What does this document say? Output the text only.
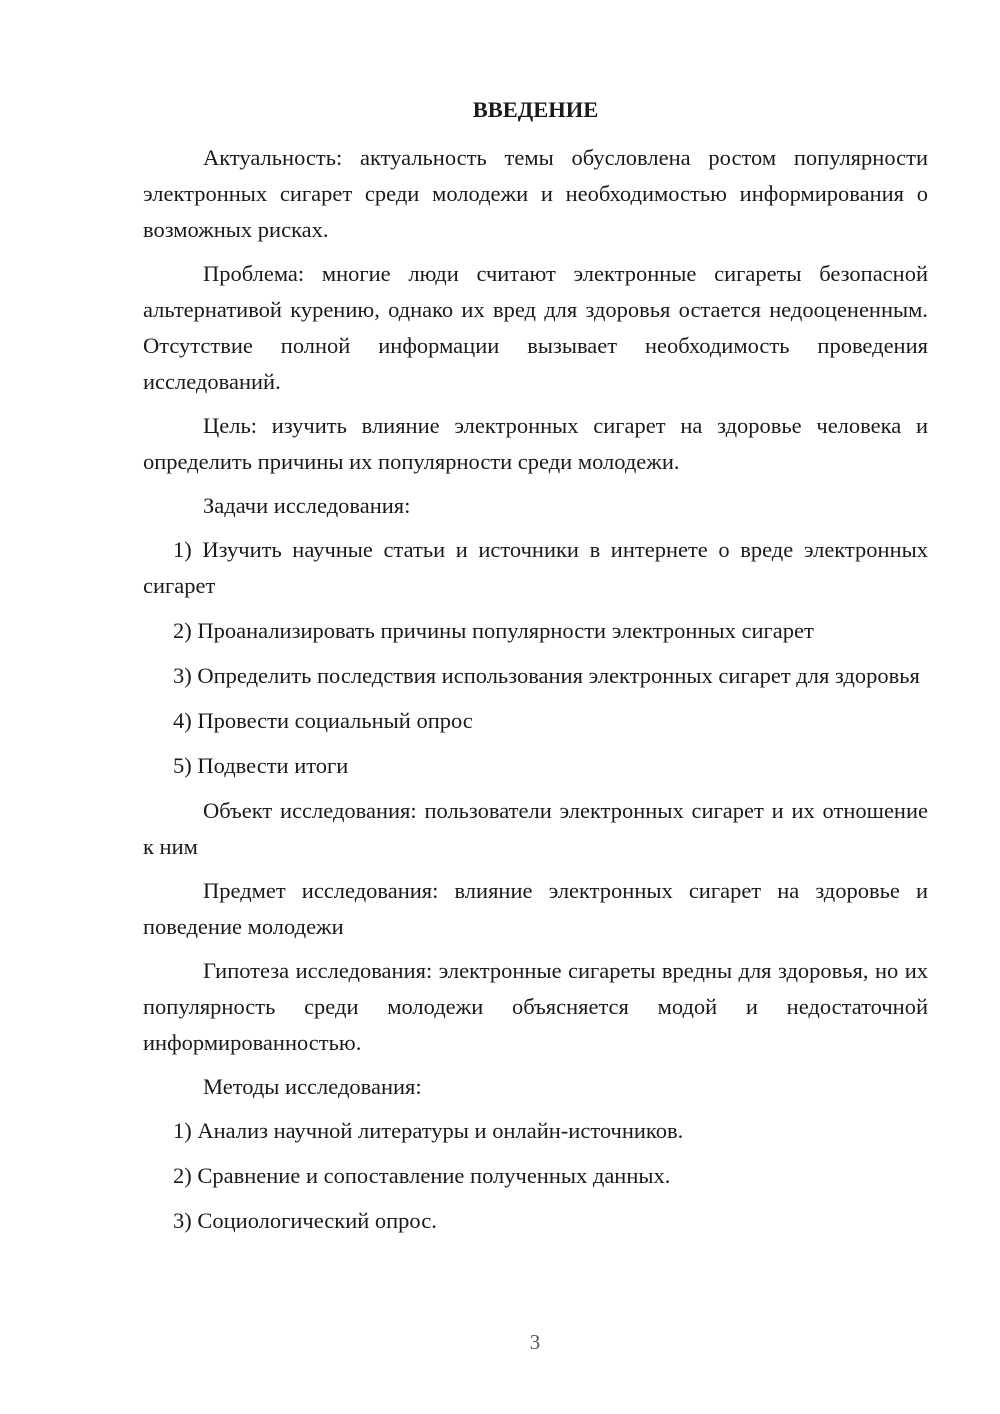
ВВЕДЕНИЕ

Актуальность: актуальность темы обусловлена ростом популярности электронных сигарет среди молодежи и необходимостью информирования о возможных рисках.

Проблема: многие люди считают электронные сигареты безопасной альтернативой курению, однако их вред для здоровья остается недооцененным. Отсутствие полной информации вызывает необходимость проведения исследований.

Цель: изучить влияние электронных сигарет на здоровье человека и определить причины их популярности среди молодежи.

Задачи исследования:

1) Изучить научные статьи и источники в интернете о вреде электронных сигарет

2) Проанализировать причины популярности электронных сигарет

3) Определить последствия использования электронных сигарет для здоровья

4) Провести социальный опрос

5) Подвести итоги

Объект исследования: пользователи электронных сигарет и их отношение к ним

Предмет исследования: влияние электронных сигарет на здоровье и поведение молодежи

Гипотеза исследования: электронные сигареты вредны для здоровья, но их популярность среди молодежи объясняется модой и недостаточной информированностью.

Методы исследования:

1) Анализ научной литературы и онлайн-источников.

2) Сравнение и сопоставление полученных данных.

3) Социологический опрос.

3
